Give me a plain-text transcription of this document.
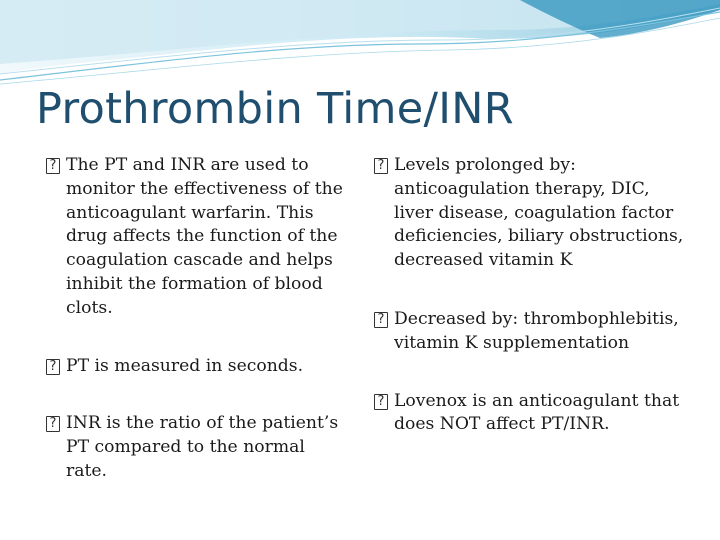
Prothrombin Time/INR
?
The PT and INR are used to monitor the effectiveness of the anticoagulant warfarin. This drug affects the function of the coagulation cascade and helps inhibit the formation of blood clots.
?
PT is measured in seconds.
?
INR is the ratio of the patient’s PT compared to the normal rate.
?
Levels prolonged by: anticoagulation therapy, DIC, liver disease, coagulation factor deficiencies, biliary obstructions, decreased vitamin K
?
Decreased by: thrombophlebitis, vitamin K supplementation
?
Lovenox is an anticoagulant that does NOT affect PT/INR.
